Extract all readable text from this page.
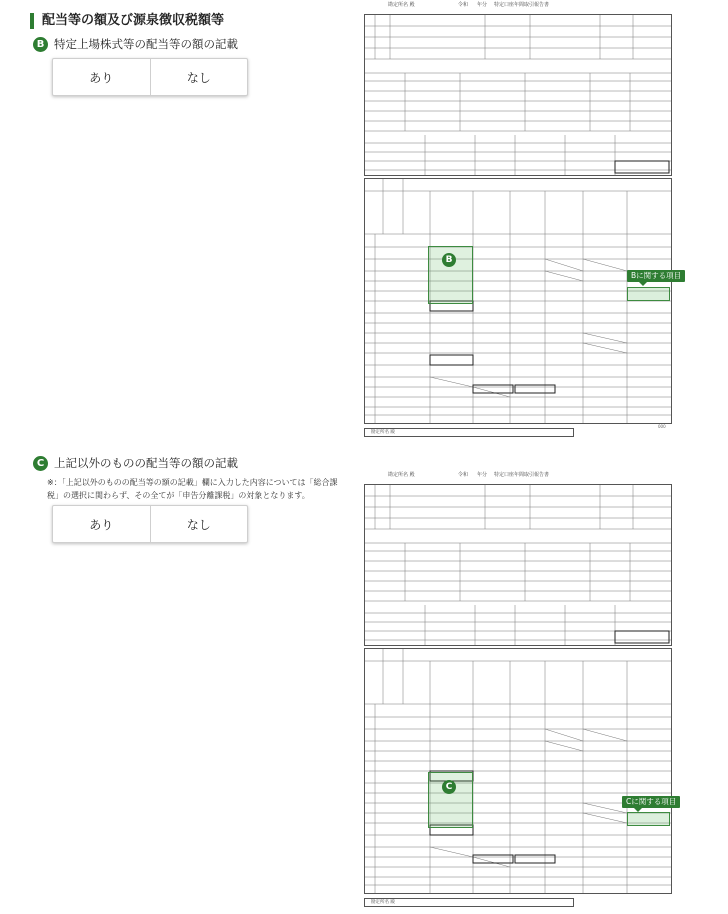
配当等の額及び源泉徴収税額等
B 特定上場株式等の配当等の額の記載
あり	なし
C 上記以外のものの配当等の額の記載
※：「上記以外のものの配当等の額の記載」欄に入力した内容については「総合課税」の選択に関わらず、その全てが「申告分離課税」の対象となります。
あり	なし
勘定所名 殿	令和 年分 特定口座年間取引報告書
勘定所名 殿
000
B
Bに関する項目
勘定所名 殿	令和 年分 特定口座年間取引報告書
勘定所名 殿
C
Cに関する項目
